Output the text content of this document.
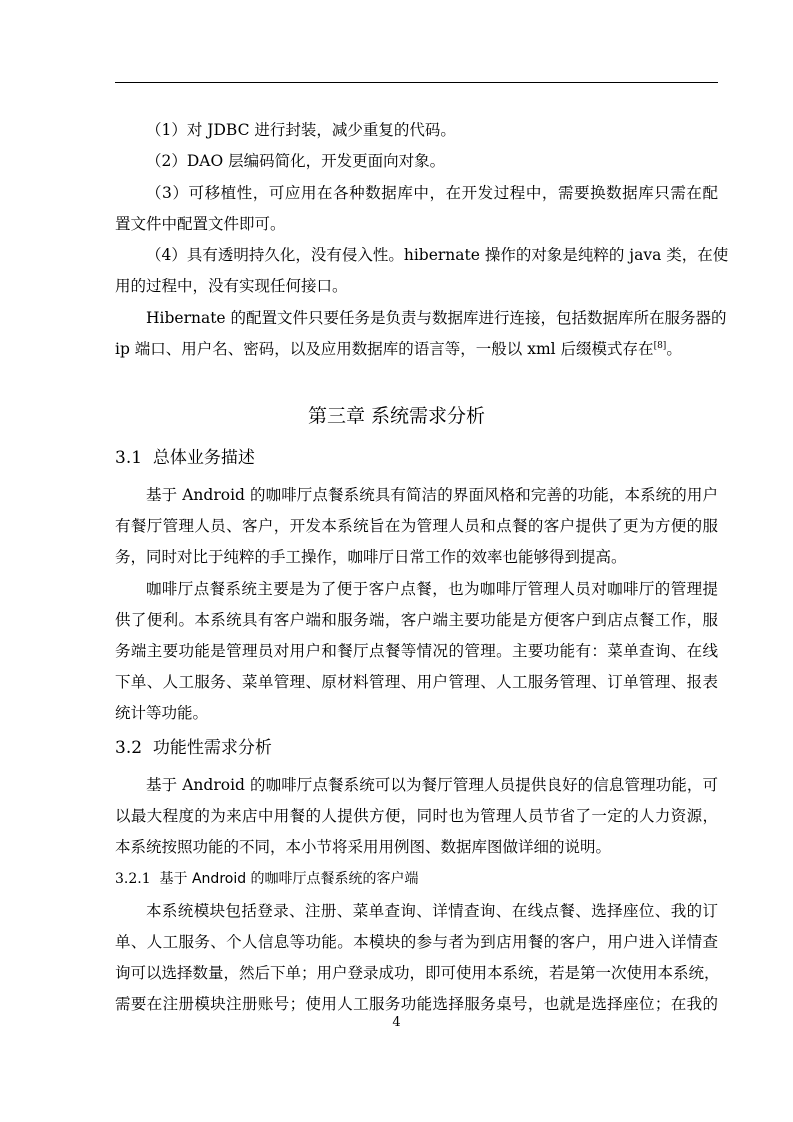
（1）对 JDBC 进行封装，减少重复的代码。
（2）DAO 层编码简化，开发更面向对象。
（3）可移植性，可应用在各种数据库中，在开发过程中，需要换数据库只需在配
置文件中配置文件即可。
（4）具有透明持久化，没有侵入性。hibernate 操作的对象是纯粹的 java 类，在使
用的过程中，没有实现任何接口。
Hibernate 的配置文件只要任务是负责与数据库进行连接，包括数据库所在服务器的
ip 端口、用户名、密码，以及应用数据库的语言等，一般以 xml 后缀模式存在[8]。
第三章 系统需求分析
3.1 总体业务描述
基于 Android 的咖啡厅点餐系统具有简洁的界面风格和完善的功能，本系统的用户
有餐厅管理人员、客户，开发本系统旨在为管理人员和点餐的客户提供了更为方便的服
务，同时对比于纯粹的手工操作，咖啡厅日常工作的效率也能够得到提高。
咖啡厅点餐系统主要是为了便于客户点餐，也为咖啡厅管理人员对咖啡厅的管理提
供了便利。本系统具有客户端和服务端，客户端主要功能是方便客户到店点餐工作，服
务端主要功能是管理员对用户和餐厅点餐等情况的管理。主要功能有：菜单查询、在线
下单、人工服务、菜单管理、原材料管理、用户管理、人工服务管理、订单管理、报表
统计等功能。
3.2 功能性需求分析
基于 Android 的咖啡厅点餐系统可以为餐厅管理人员提供良好的信息管理功能，可
以最大程度的为来店中用餐的人提供方便，同时也为管理人员节省了一定的人力资源，
本系统按照功能的不同，本小节将采用用例图、数据库图做详细的说明。
3.2.1 基于 Android 的咖啡厅点餐系统的客户端
本系统模块包括登录、注册、菜单查询、详情查询、在线点餐、选择座位、我的订
单、人工服务、个人信息等功能。本模块的参与者为到店用餐的客户，用户进入详情查
询可以选择数量，然后下单；用户登录成功，即可使用本系统，若是第一次使用本系统，
需要在注册模块注册账号；使用人工服务功能选择服务桌号，也就是选择座位；在我的
4
